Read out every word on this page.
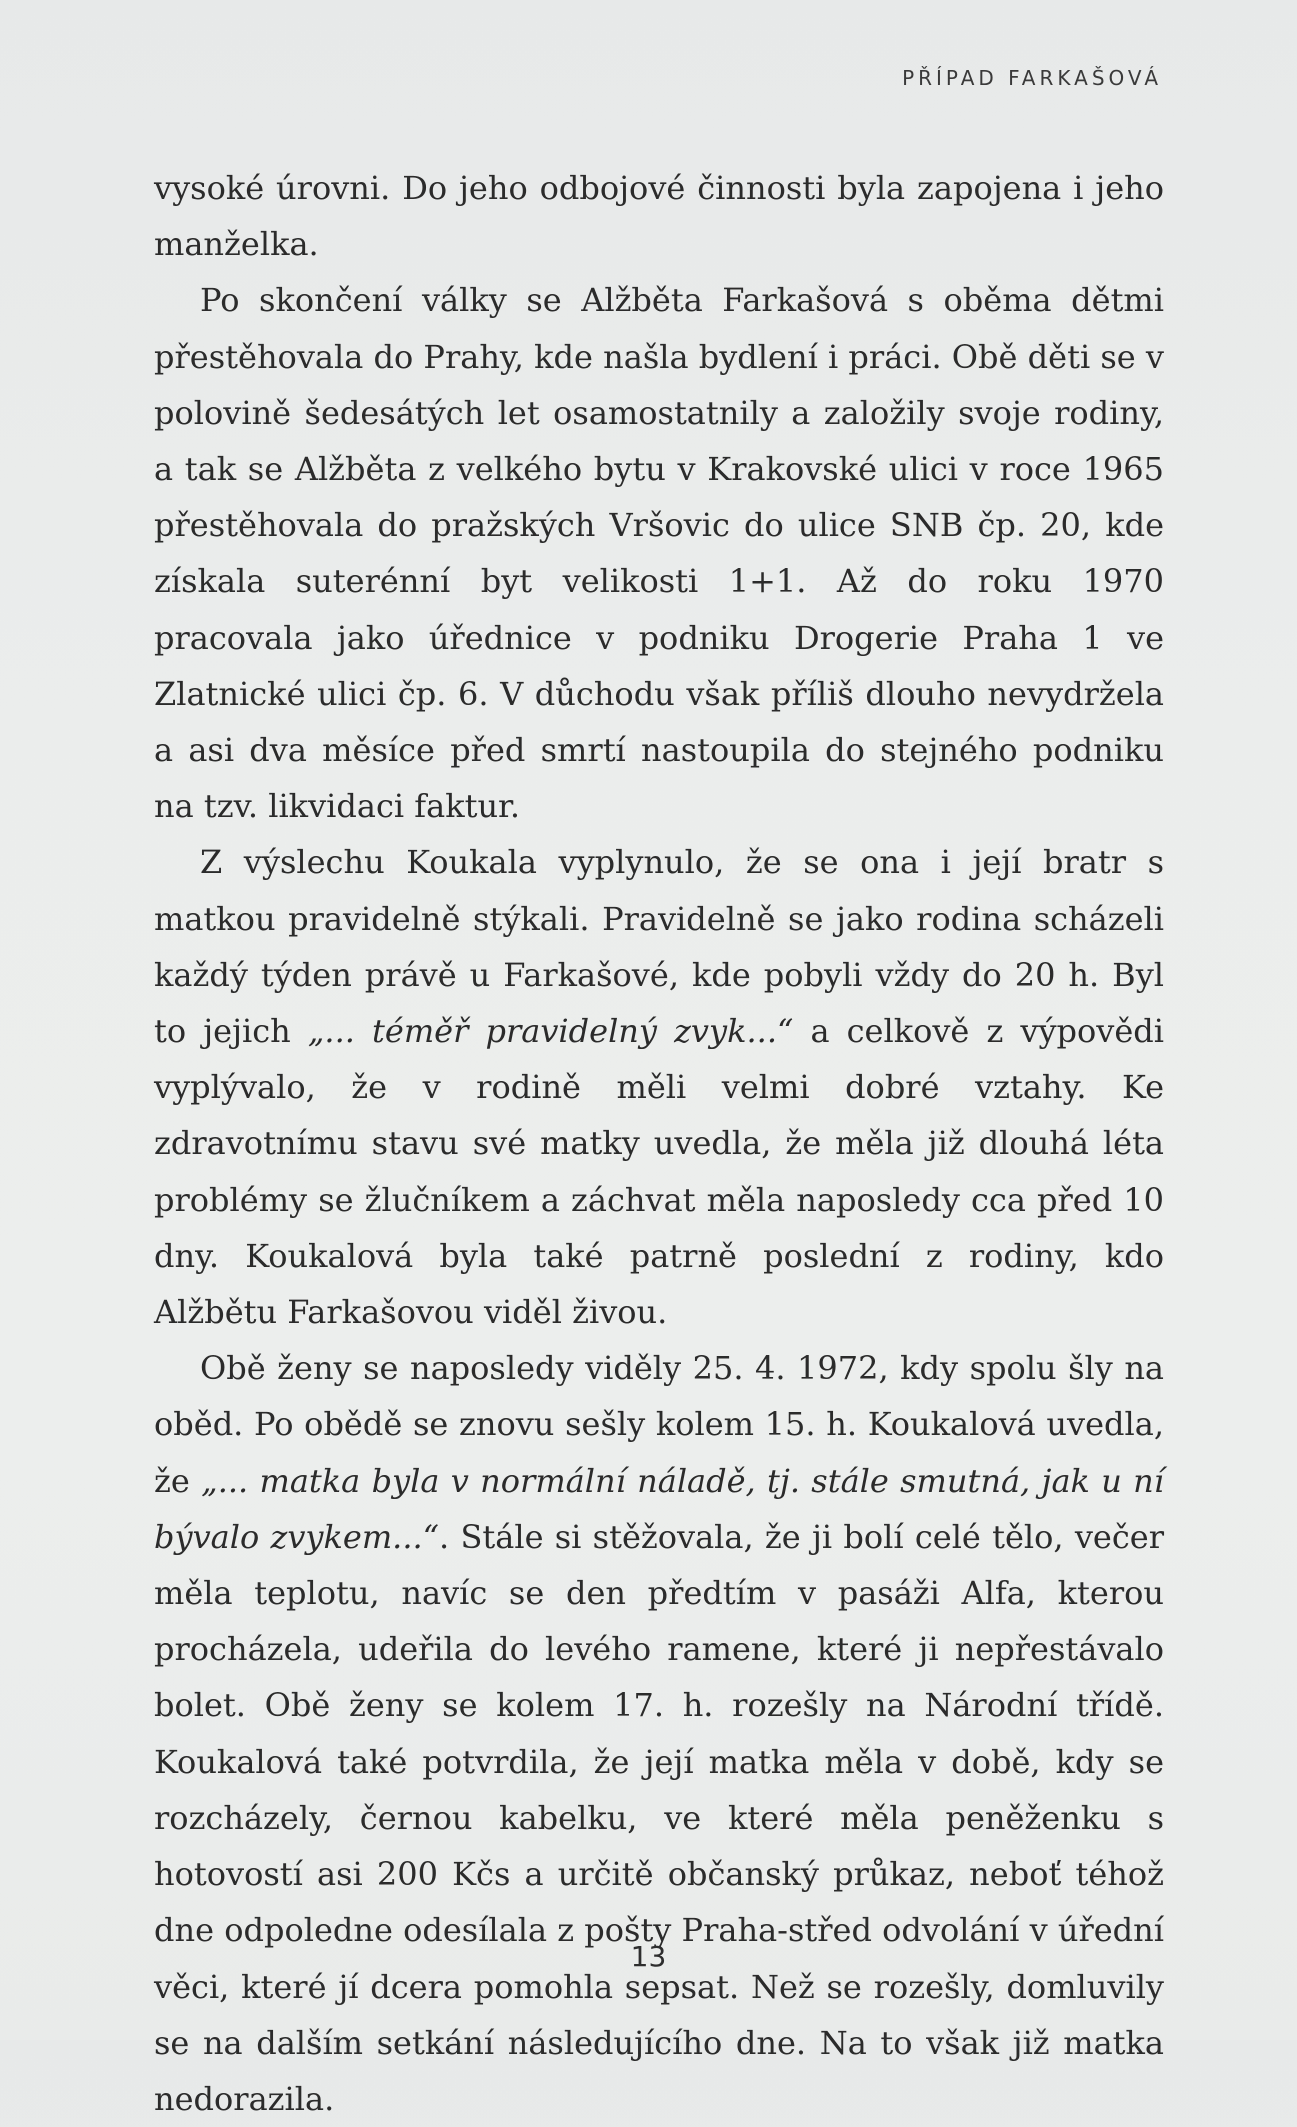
PŘÍPAD FARKAŠOVÁ

vysoké úrovni. Do jeho odbojové činnosti byla zapojena i jeho manželka.

Po skončení války se Alžběta Farkašová s oběma dětmi přestěhovala do Prahy, kde našla bydlení i práci. Obě děti se v polovině šedesátých let osamostatnily a založily svoje rodiny, a tak se Alžběta z velkého bytu v Krakovské ulici v roce 1965 přestěhovala do pražských Vršovic do ulice SNB čp. 20, kde získala suterénní byt velikosti 1+1. Až do roku 1970 pracovala jako úřednice v podniku Drogerie Praha 1 ve Zlatnické ulici čp. 6. V důchodu však příliš dlouho nevydržela a asi dva měsíce před smrtí nastoupila do stejného podniku na tzv. likvidaci faktur.

Z výslechu Koukala vyplynulo, že se ona i její bratr s matkou pravidelně stýkali. Pravidelně se jako rodina scházeli každý týden právě u Farkašové, kde pobyli vždy do 20 h. Byl to jejich „... téměř pravidelný zvyk...“ a celkově z výpovědi vyplývalo, že v rodině měli velmi dobré vztahy. Ke zdravotnímu stavu své matky uvedla, že měla již dlouhá léta problémy se žlučníkem a záchvat měla naposledy cca před 10 dny. Koukalová byla také patrně poslední z rodiny, kdo Alžbětu Farkašovou viděl živou.

Obě ženy se naposledy viděly 25. 4. 1972, kdy spolu šly na oběd. Po obědě se znovu sešly kolem 15. h. Koukalová uvedla, že „... matka byla v normální náladě, tj. stále smutná, jak u ní bývalo zvykem...“. Stále si stěžovala, že ji bolí celé tělo, večer měla teplotu, navíc se den předtím v pasáži Alfa, kterou procházela, udeřila do levého ramene, které ji nepřestávalo bolet. Obě ženy se kolem 17. h. rozešly na Národní třídě. Koukalová také potvrdila, že její matka měla v době, kdy se rozcházely, černou kabelku, ve které měla peněženku s hotovostí asi 200 Kčs a určitě občanský průkaz, neboť téhož dne odpoledne odesílala z pošty Praha-střed odvolání v úřední věci, které jí dcera pomohla sepsat. Než se rozešly, domluvily se na dalším setkání následujícího dne. Na to však již matka nedorazila.

13
